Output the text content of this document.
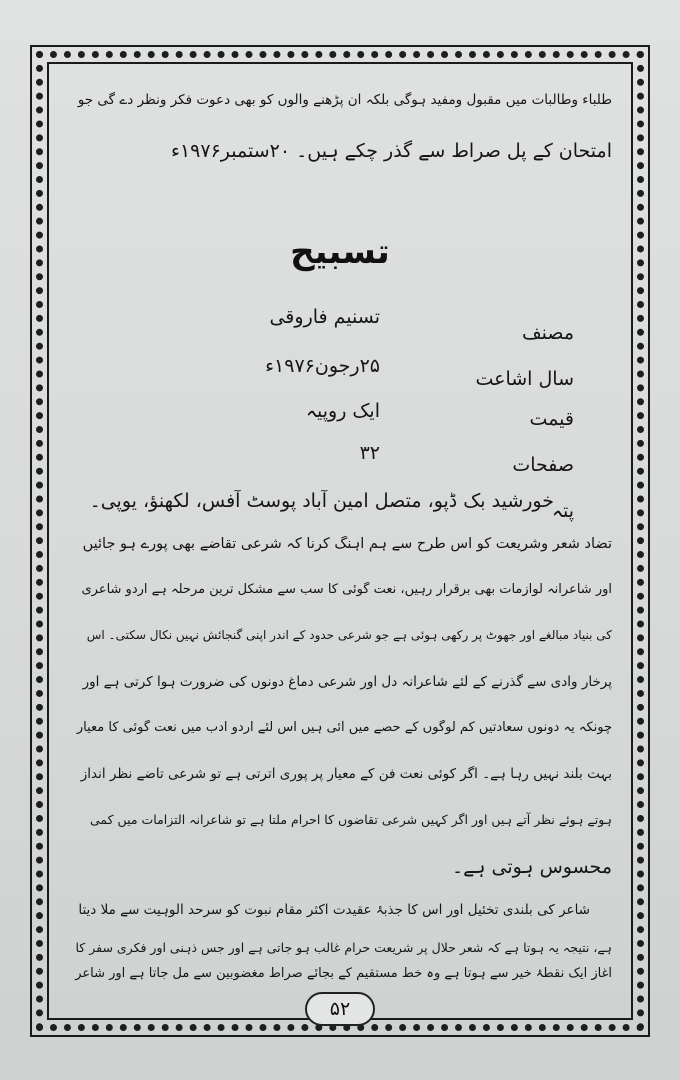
طلباء وطالبات میں مقبول ومفید ہوگی بلکہ ان پڑھنے والوں کو بھی دعوت فکر ونظر دے گی جو
امتحان کے پل صراط سے گذر چکے ہیں۔ ۲۰ستمبر۱۹۷۶ء
تسبیح
مصنف
تسنیم فاروقی
سال اشاعت
۲۵رجون۱۹۷۶ء
قیمت
ایک روپیہ
صفحات
۳۲
پتہ
خورشید بک ڈپو، متصل امین آباد پوسٹ آفس، لکھنؤ، یوپی۔
تضاد شعر وشریعت کو اس طرح سے ہم آہنگ کرنا کہ شرعی تقاضے بھی پورے ہو جائیں
اور شاعرانہ لوازمات بھی برقرار رہیں، نعت گوئی کا سب سے مشکل ترین مرحلہ ہے اردو شاعری
کی بنیاد مبالغے اور جھوٹ پر رکھی ہوئی ہے جو شرعی حدود کے اندر اپنی گنجائش نہیں نکال سکتی۔ اس
پرخار وادی سے گذرنے کے لئے شاعرانہ دل اور شرعی دماغ دونوں کی ضرورت ہوا کرتی ہے اور
چونکہ یہ دونوں سعادتیں کم لوگوں کے حصے میں آئی ہیں اس لئے اردو ادب میں نعت گوئی کا معیار
بہت بلند نہیں رہا ہے۔ اگر کوئی نعت فن کے معیار پر پوری اترتی ہے تو شرعی تاضے نظر انداز
ہوتے ہوئے نظر آتے ہیں اور اگر کہیں شرعی تقاضوں کا احرام ملتا ہے تو شاعرانہ التزامات میں کمی
محسوس ہوتی ہے۔
شاعر کی بلندی تخئیل اور اس کا جذبۂ عقیدت اکثر مقام نبوت کو سرحد الوہیت سے ملا دیتا
ہے، نتیجہ یہ ہوتا ہے کہ شعر حلال پر شریعت حرام غالب ہو جاتی ہے اور جس ذہنی اور فکری سفر کا
آغاز ایک نقطۂ خیر سے ہوتا ہے وہ خط مستقیم کے بجائے صراط مغضوبین سے مل جاتا ہے اور شاعر
۵۲
